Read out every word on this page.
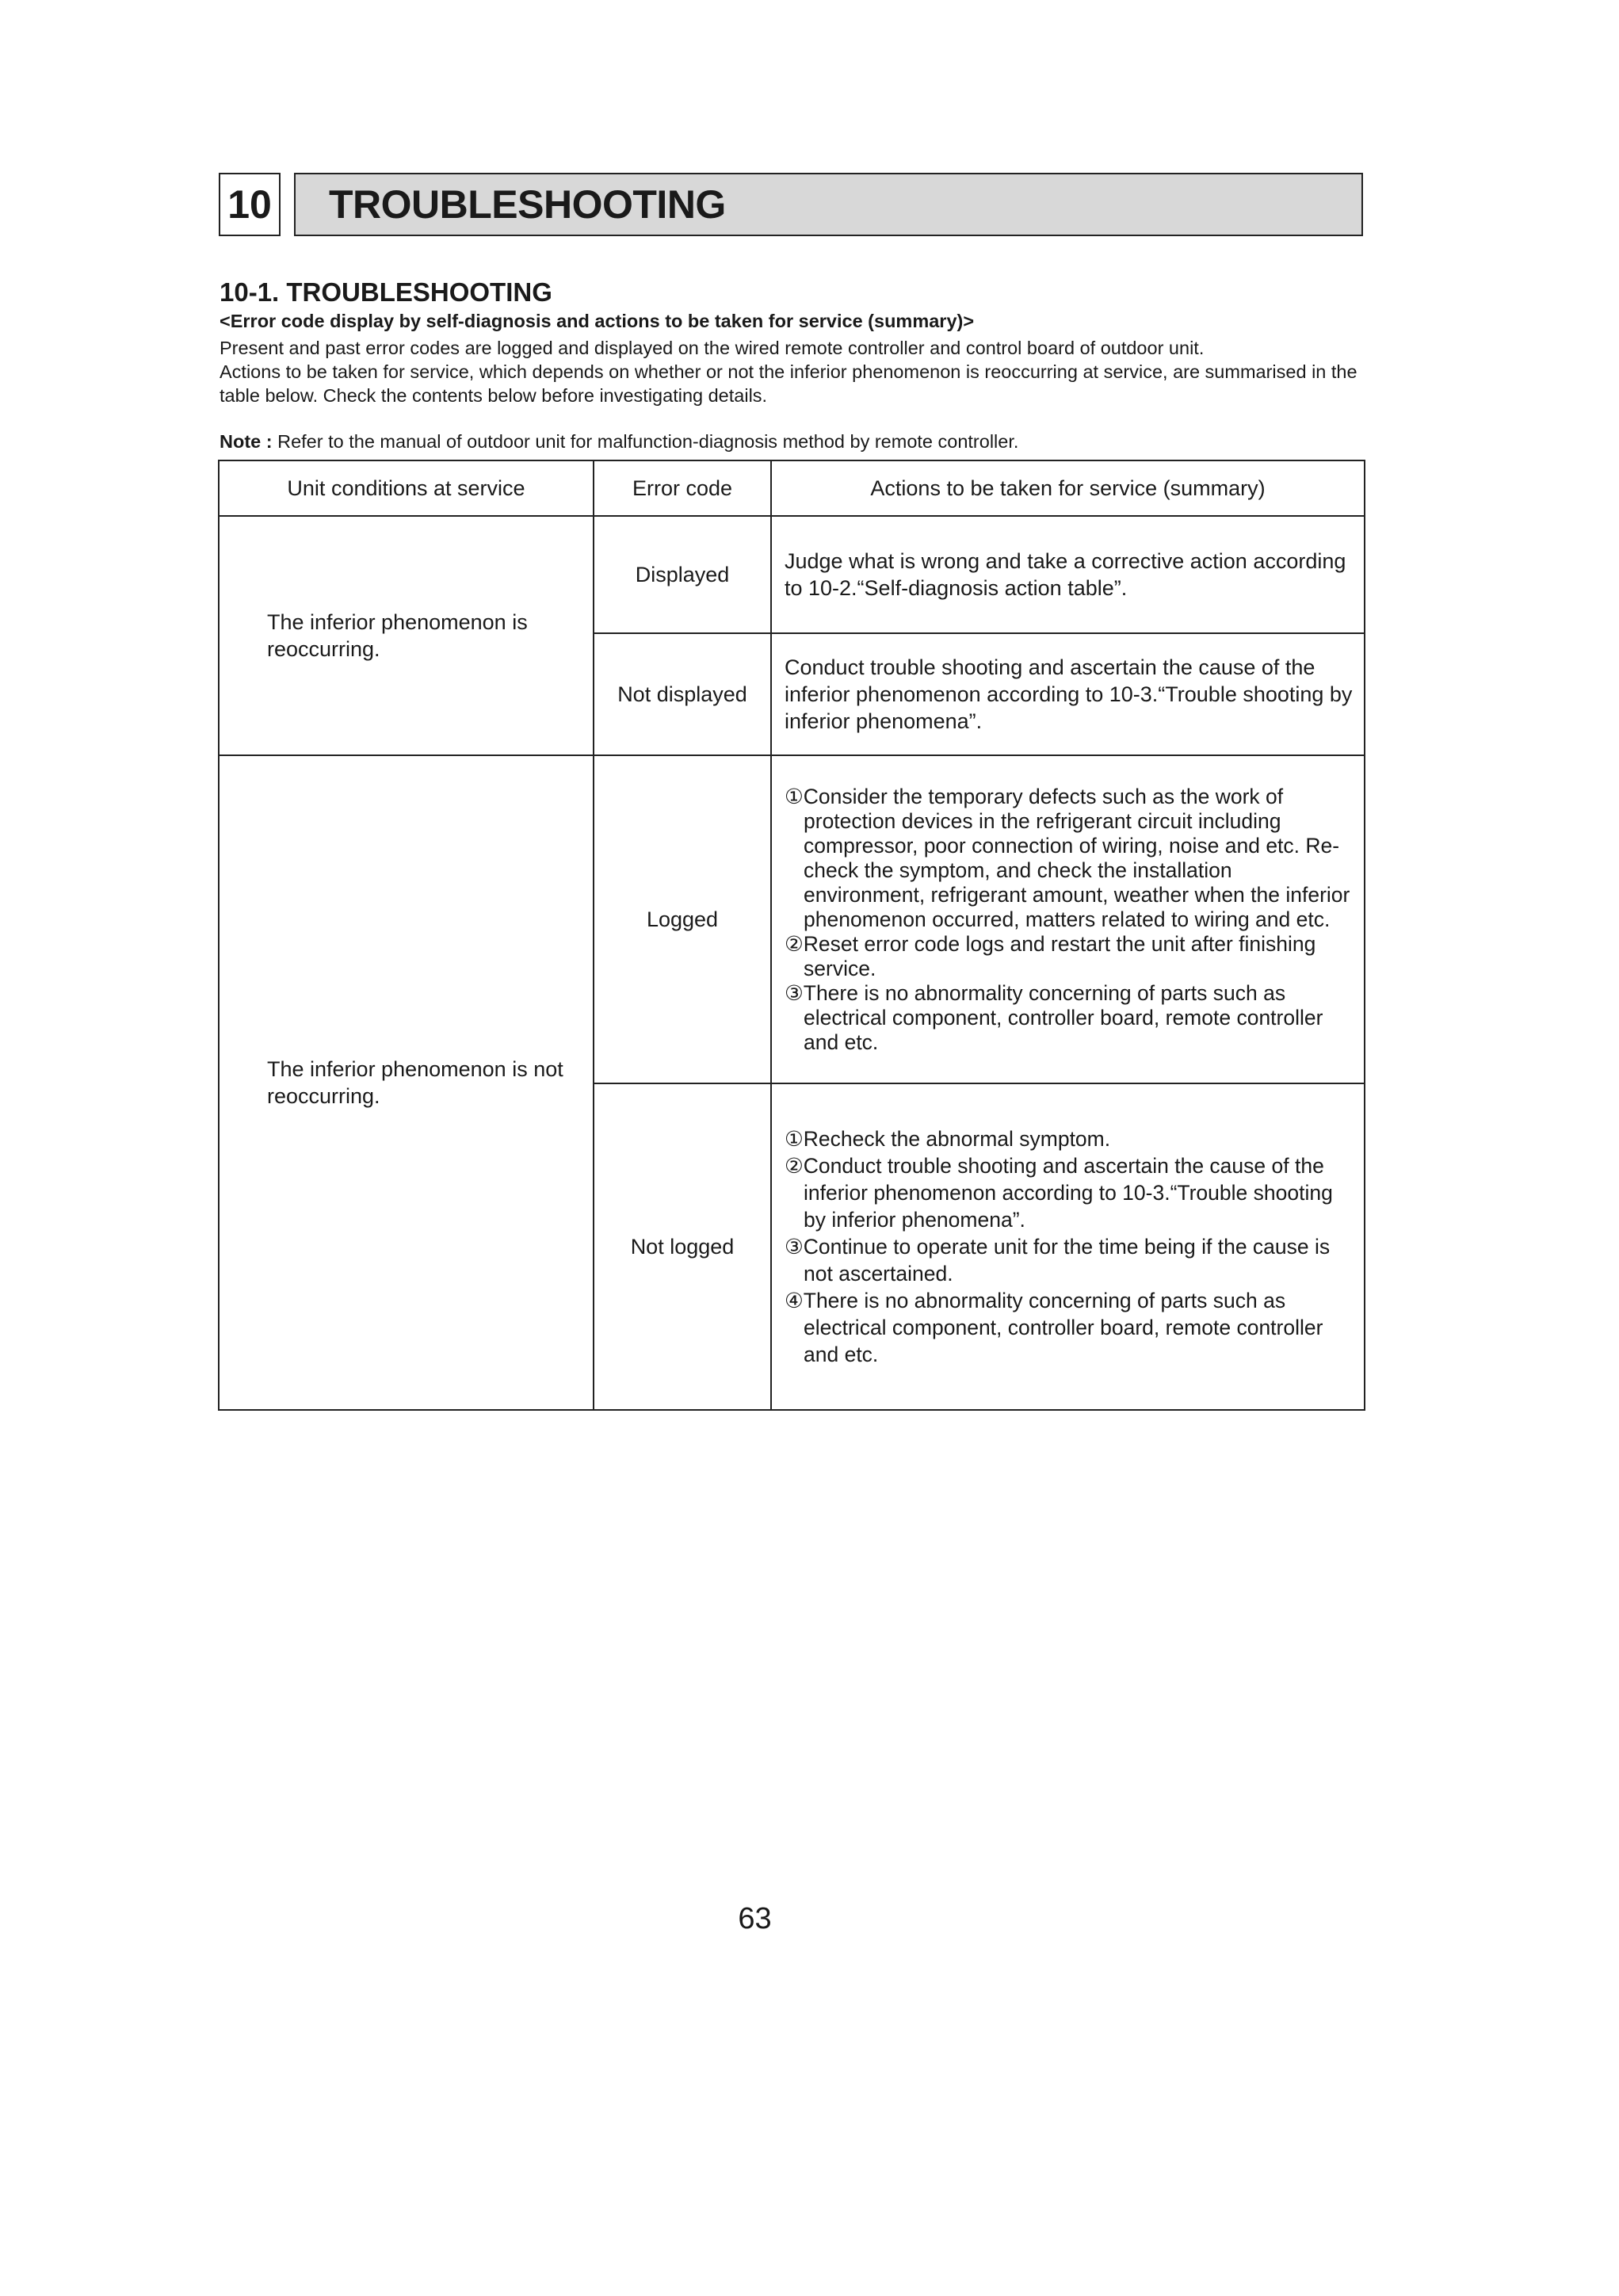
10	TROUBLESHOOTING
10-1. TROUBLESHOOTING
<Error code display by self-diagnosis and actions to be taken for service (summary)>

Present and past error codes are logged and displayed on the wired remote controller and control board of outdoor unit.

Actions to be taken for service, which depends on whether or not the inferior phenomenon is reoccurring at service, are summarised in the table below. Check the contents below before investigating details.

Note : Refer to the manual of outdoor unit for malfunction-diagnosis method by remote controller.
Unit conditions at service	Error code	Actions to be taken for service (summary)
The inferior phenomenon is reoccurring.	Displayed	Judge what is wrong and take a corrective action according to 10-2.“Self-diagnosis action table”.
	Not displayed	Conduct trouble shooting and ascertain the cause of the inferior phenomenon according to 10-3.“Trouble shooting by inferior phenomena”.
The inferior phenomenon is not reoccurring.	Logged	①Consider the temporary defects such as the work of protection devices in the refrigerant circuit including compressor, poor connection of wiring, noise and etc. Re-check the symptom, and check the installation environment, refrigerant amount, weather when the inferior phenomenon occurred, matters related to wiring and etc.
②Reset error code logs and restart the unit after finishing service.
③There is no abnormality concerning of parts such as electrical component, controller board, remote controller and etc.

	Not logged	①Recheck the abnormal symptom.
②Conduct trouble shooting and ascertain the cause of the inferior phenomenon according to 10-3.“Trouble shooting by inferior phenomena”.
③Continue to operate unit for the time being if the cause is not ascertained.
④There is no abnormality concerning of parts such as electrical component, controller board, remote controller and etc.
63
